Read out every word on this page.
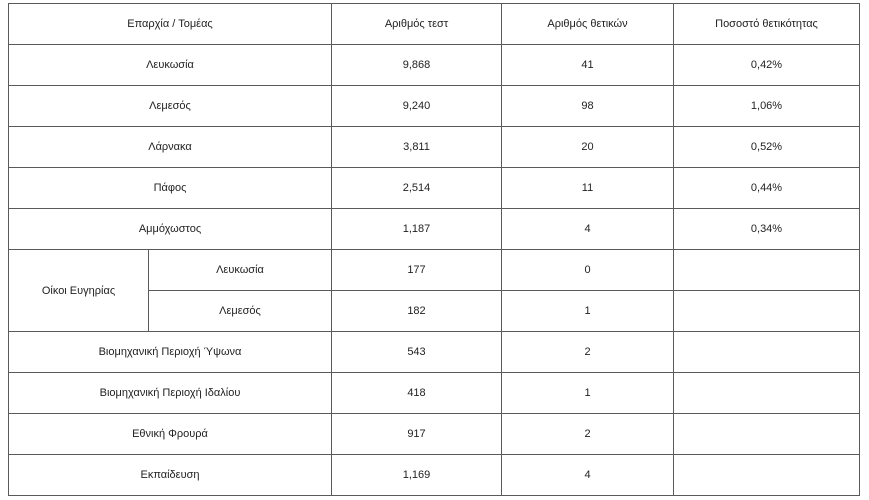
Επαρχία / Τομέας		Αριθμός τεστ	Αριθμός θετικών	Ποσοστό θετικότητας
Λευκωσία		9,868	41	0,42%
Λεμεσός		9,240	98	1,06%
Λάρνακα		3,811	20	0,52%
Πάφος		2,514	11	0,44%
Αμμόχωστος		1,187	4	0,34%
Οίκοι Ευγηρίας	Λευκωσία	177	0	
	Λεμεσός	182	1	
Βιομηχανική Περιοχή Ύψωνα		543	2	
Βιομηχανική Περιοχή Ιδαλίου		418	1	
Εθνική Φρουρά		917	2	
Εκπαίδευση		1,169	4	
